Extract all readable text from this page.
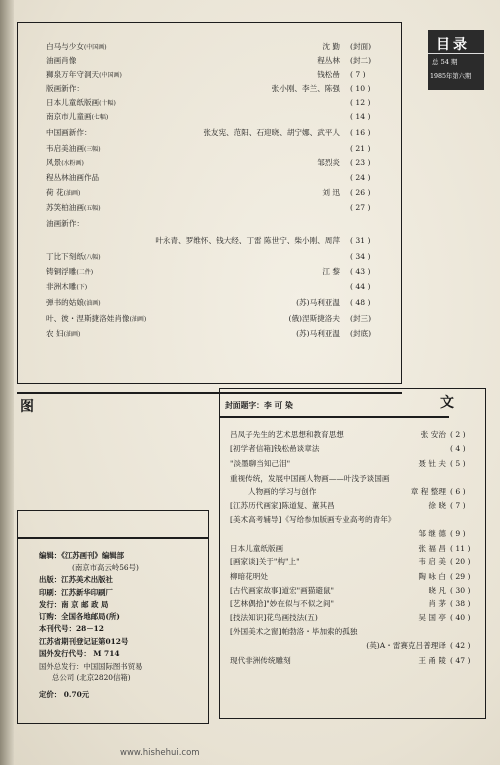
目录
总 54 期
1985年第六期
白马与少女(中国画)	沈 勤 (封面)
油画肖像	程丛林 (封二)
狮泉万年守洞天(中国画)	钱松喦 ( 7 )
版画新作：	张小刚、李兰、陈强 ( 10 )
日本儿童纸版画(十幅)	( 12 )
南京市儿童画(七幅)	( 14 )
中国画新作：	张友宪、范阳、石迎晓、胡宁娜、武平人 ( 16 )
韦启美油画(三幅)	( 21 )
风景(水粉画)	邹烈炎 ( 23 )
程丛林油画作品	( 24 )
荷 花(油画)	刘 迅 ( 26 )
苏笑柏油画(五幅)	( 27 )
油画新作：
叶永青、罗维怀、钱大经、丁雷 陈世宁、柴小刚、周萍 ( 31 )
丁比下刻纸(八幅)	( 34 )
铸铜浮雕(二件)	江 黎 ( 43 )
非洲木雕(下)	( 44 )
弹书的姑娘(油画)	(苏)马利亚温 ( 48 )
叶、彼・涅斯捷洛娃肖像(油画)	(俄)涅斯捷洛夫 (封三)
农 妇(油画)	(苏)马利亚温 (封底)
图	文
封面题字：李 可 染
吕凤子先生的艺术思想和教育思想	张 安治 ( 2 )
[初学者信箱]钱松喦谈章法	( 4 )
"淡墨聊当知己泪"	聂 钍 夫 ( 5 )
重视传统，发展中国画人物画——叶浅予谈国画
人物画的学习与创作	章 程 整理 ( 6 )
[江苏历代画家]陈道复、董其昌	徐 晓 ( 7 )
[美术高考辅导]《写给参加版画专业高考的青年》
邹 继 德 ( 9 )
日本儿童纸版画	张 福 昌 ( 11 )
[画家谈]关于"构"上"	韦 启 美 ( 20 )
柳暗花明处	陶 咏 白 ( 29 )
[古代画家故事]道宏"画猫避鼠"	晓 凡 ( 30 )
[艺林偶拾]"妙在似与不似之间"	肖 茅 ( 38 )
[技法知识]花鸟画技法(五)	吴 国 亭 ( 40 )
[外国美术之窗]帕勃洛・毕加索的孤独
(英)A・雷赛克吕普理译 ( 42 )
现代非洲传统雕刻	王 甬 陵 ( 47 )
编辑：《江苏画刊》编辑部
(南京市高云岭56号)
出版：江苏美术出版社
印刷：江苏新华印刷厂
发行：南 京 邮 政 局
订购：全国各地邮局(所)
本刊代号：28－12
江苏省期刊登记证第012号
国外发行代号： M 714
国外总发行：中国国际图书贸易
总公司 (北京2820信箱)
定价： 0.70元
www.hishehui.com
